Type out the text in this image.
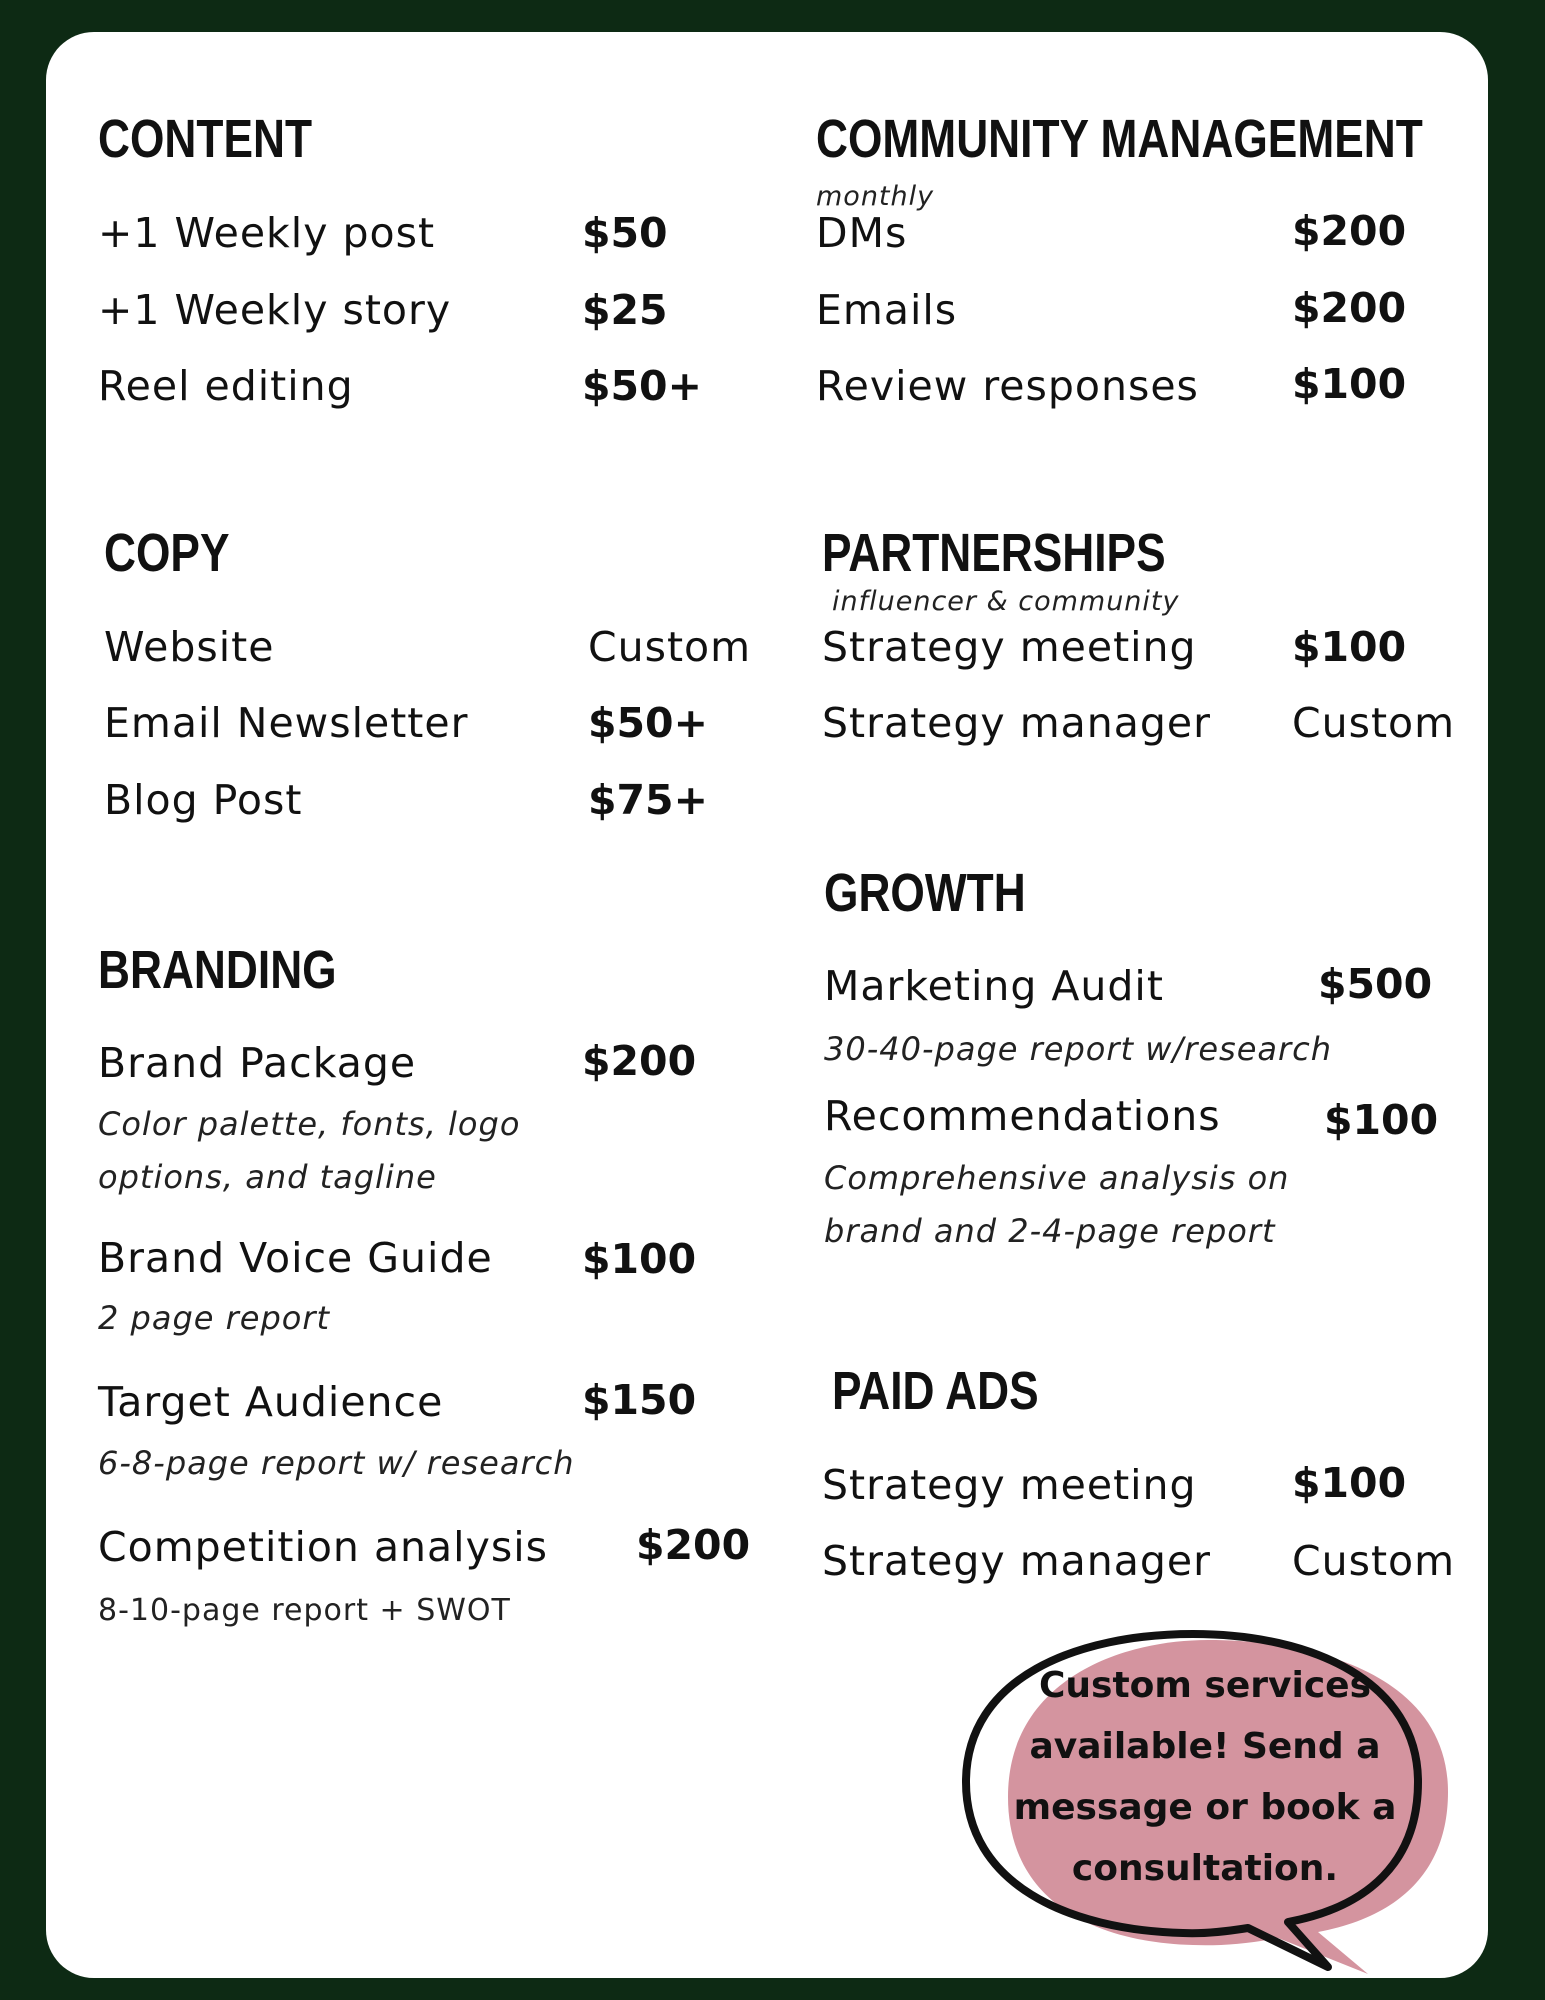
CONTENT
+1 Weekly post	$50
+1 Weekly story	$25
Reel editing	$50+
COMMUNITY MANAGEMENT
monthly
DMs	$200
Emails	$200
Review responses $100
COPY
Website	Custom
Email Newsletter	$50+
Blog Post	$75+
PARTNERSHIPS
influencer & community
Strategy meeting $100
Strategy manager Custom
GROWTH
Marketing Audit	$500
30-40-page report w/research
Recommendations	$100
Comprehensive analysis on
brand and 2-4-page report
BRANDING
Brand Package	$200
Color palette, fonts, logo
options, and tagline
Brand Voice Guide $100
2 page report
Target Audience	$150
6-8-page report w/ research
Competition analysis $200
8-10-page report + SWOT
PAID ADS
Strategy meeting $100
Strategy manager Custom
Custom services
available! Send a
message or book a
consultation.
